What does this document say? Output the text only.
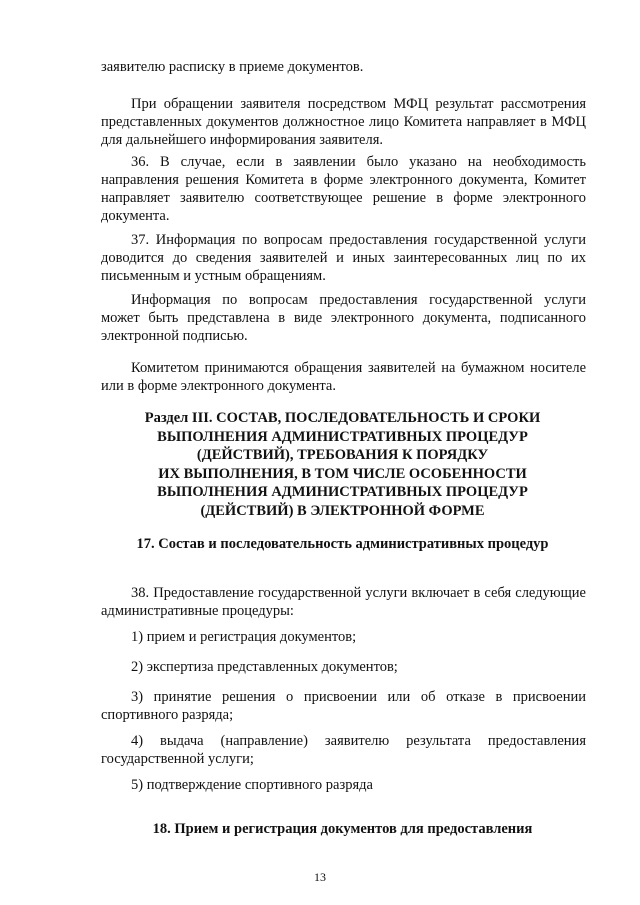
заявителю расписку в приеме документов.

При обращении заявителя посредством МФЦ результат рассмотрения представленных документов должностное лицо Комитета направляет в МФЦ для дальнейшего информирования заявителя.

36. В случае, если в заявлении было указано на необходимость направления решения Комитета в форме электронного документа, Комитет направляет заявителю соответствующее решение в форме электронного документа.

37. Информация по вопросам предоставления государственной услуги доводится до сведения заявителей и иных заинтересованных лиц по их письменным и устным обращениям.

Информация по вопросам предоставления государственной услуги может быть представлена в виде электронного документа, подписанного электронной подписью.

Комитетом принимаются обращения заявителей на бумажном носителе или в форме электронного документа.

Раздел III. СОСТАВ, ПОСЛЕДОВАТЕЛЬНОСТЬ И СРОКИ
ВЫПОЛНЕНИЯ АДМИНИСТРАТИВНЫХ ПРОЦЕДУР
(ДЕЙСТВИЙ), ТРЕБОВАНИЯ К ПОРЯДКУ
ИХ ВЫПОЛНЕНИЯ, В ТОМ ЧИСЛЕ ОСОБЕННОСТИ
ВЫПОЛНЕНИЯ АДМИНИСТРАТИВНЫХ ПРОЦЕДУР
(ДЕЙСТВИЙ) В ЭЛЕКТРОННОЙ ФОРМЕ
17. Состав и последовательность административных процедур

38. Предоставление государственной услуги включает в себя следующие административные процедуры:

1) прием и регистрация документов;

2) экспертиза представленных документов;

3) принятие решения о присвоении или об отказе в присвоении спортивного разряда;

4) выдача (направление) заявителю результата предоставления государственной услуги;

5) подтверждение спортивного разряда

18. Прием и регистрация документов для предоставления
13
